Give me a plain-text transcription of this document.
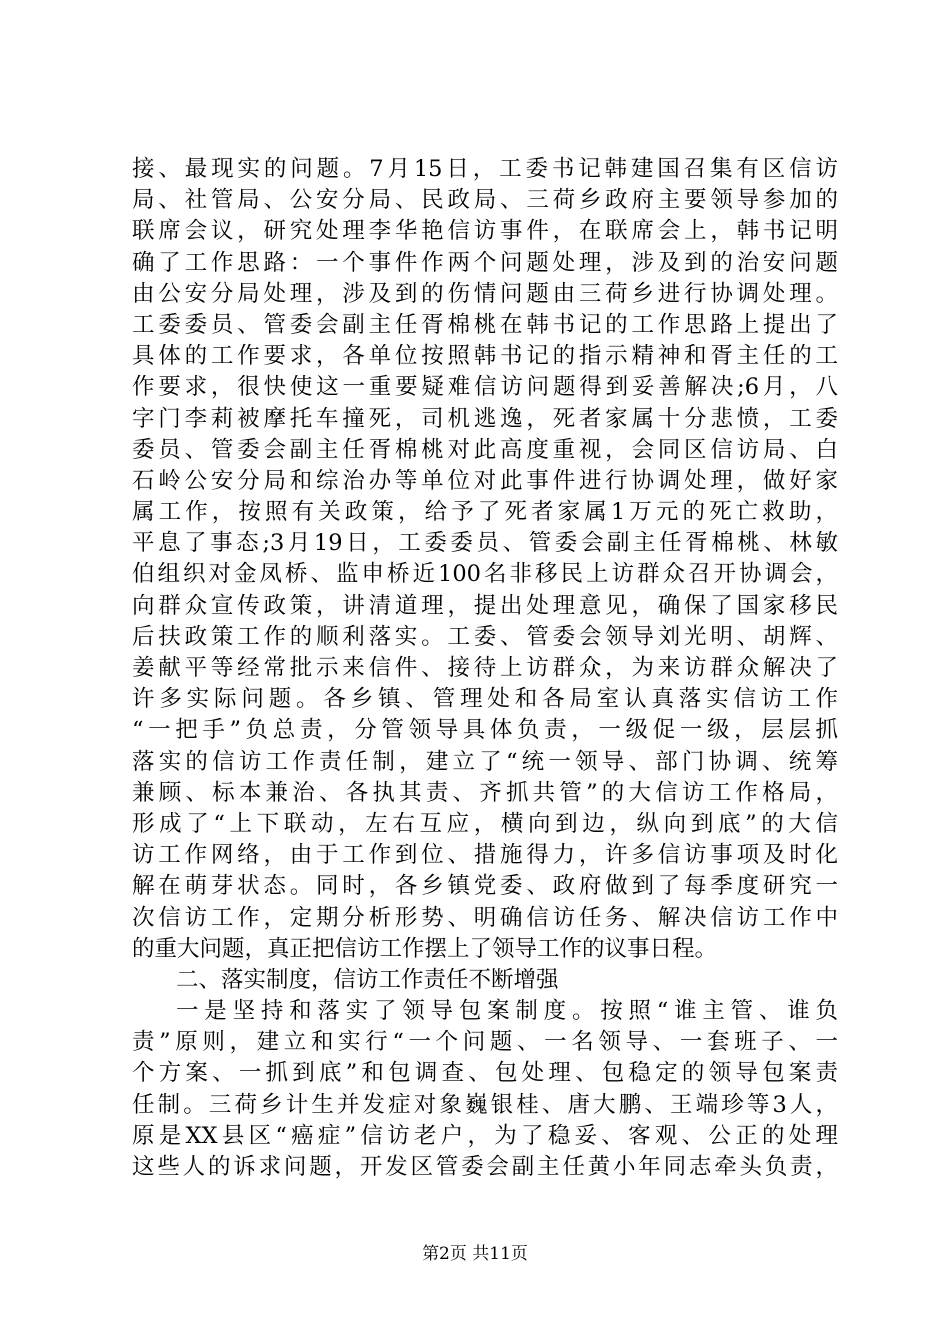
接、最现实的问题。7月15日，工委书记韩建国召集有区信访
局、社管局、公安分局、民政局、三荷乡政府主要领导参加的
联席会议，研究处理李华艳信访事件，在联席会上，韩书记明
确了工作思路：一个事件作两个问题处理，涉及到的治安问题
由公安分局处理，涉及到的伤情问题由三荷乡进行协调处理。
工委委员、管委会副主任胥棉桃在韩书记的工作思路上提出了
具体的工作要求，各单位按照韩书记的指示精神和胥主任的工
作要求，很快使这一重要疑难信访问题得到妥善解决;6月，八
字门李莉被摩托车撞死，司机逃逸，死者家属十分悲愤，工委
委员、管委会副主任胥棉桃对此高度重视，会同区信访局、白
石岭公安分局和综治办等单位对此事件进行协调处理，做好家
属工作，按照有关政策，给予了死者家属1万元的死亡救助，
平息了事态;3月19日，工委委员、管委会副主任胥棉桃、林敏
伯组织对金凤桥、监申桥近100名非移民上访群众召开协调会，
向群众宣传政策，讲清道理，提出处理意见，确保了国家移民
后扶政策工作的顺利落实。工委、管委会领导刘光明、胡辉、
姜献平等经常批示来信件、接待上访群众，为来访群众解决了
许多实际问题。各乡镇、管理处和各局室认真落实信访工作
“一把手”负总责，分管领导具体负责，一级促一级，层层抓
落实的信访工作责任制，建立了“统一领导、部门协调、统筹
兼顾、标本兼治、各执其责、齐抓共管”的大信访工作格局，
形成了“上下联动，左右互应，横向到边，纵向到底”的大信
访工作网络，由于工作到位、措施得力，许多信访事项及时化
解在萌芽状态。同时，各乡镇党委、政府做到了每季度研究一
次信访工作，定期分析形势、明确信访任务、解决信访工作中
的重大问题，真正把信访工作摆上了领导工作的议事日程。
二、落实制度，信访工作责任不断增强
一是坚持和落实了领导包案制度。按照“谁主管、谁负
责”原则，建立和实行“一个问题、一名领导、一套班子、一
个方案、一抓到底”和包调查、包处理、包稳定的领导包案责
任制。三荷乡计生并发症对象巍银桂、唐大鹏、王端珍等3人，
原是XX县区“癌症”信访老户，为了稳妥、客观、公正的处理
这些人的诉求问题，开发区管委会副主任黄小年同志牵头负责，
第2页 共11页
